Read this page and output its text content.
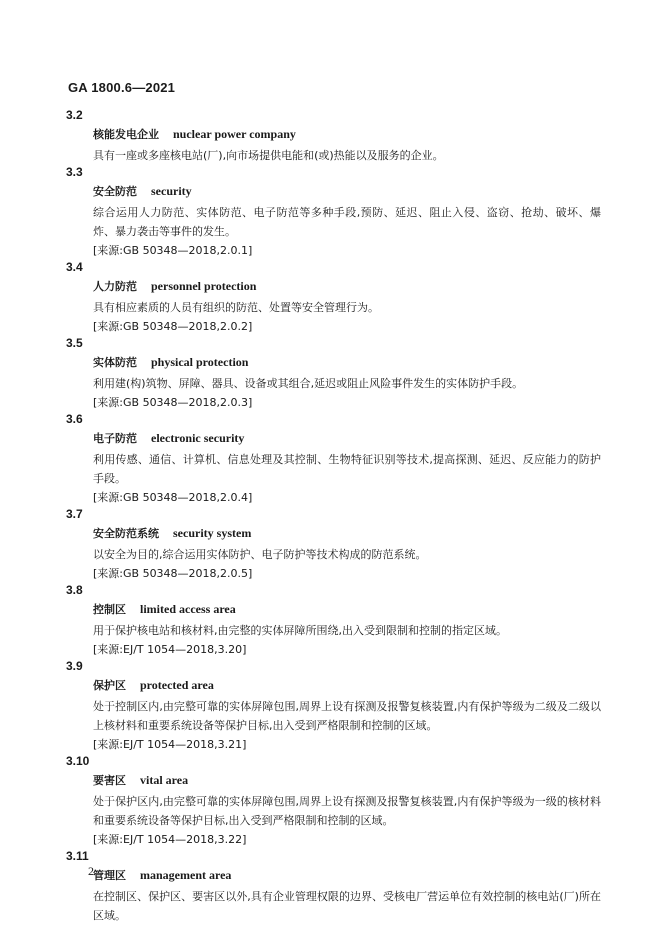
GA 1800.6—2021
3.2
核能发电企业 nuclear power company
具有一座或多座核电站(厂),向市场提供电能和(或)热能以及服务的企业。
3.3
安全防范 security
综合运用人力防范、实体防范、电子防范等多种手段,预防、延迟、阻止入侵、盗窃、抢劫、破坏、爆炸、暴力袭击等事件的发生。
[来源:GB 50348—2018,2.0.1]
3.4
人力防范 personnel protection
具有相应素质的人员有组织的防范、处置等安全管理行为。
[来源:GB 50348—2018,2.0.2]
3.5
实体防范 physical protection
利用建(构)筑物、屏障、器具、设备或其组合,延迟或阻止风险事件发生的实体防护手段。
[来源:GB 50348—2018,2.0.3]
3.6
电子防范 electronic security
利用传感、通信、计算机、信息处理及其控制、生物特征识别等技术,提高探测、延迟、反应能力的防护手段。
[来源:GB 50348—2018,2.0.4]
3.7
安全防范系统 security system
以安全为目的,综合运用实体防护、电子防护等技术构成的防范系统。
[来源:GB 50348—2018,2.0.5]
3.8
控制区 limited access area
用于保护核电站和核材料,由完整的实体屏障所围绕,出入受到限制和控制的指定区域。
[来源:EJ/T 1054—2018,3.20]
3.9
保护区 protected area
处于控制区内,由完整可靠的实体屏障包围,周界上设有探测及报警复核装置,内有保护等级为二级及二级以上核材料和重要系统设备等保护目标,出入受到严格限制和控制的区域。
[来源:EJ/T 1054—2018,3.21]
3.10
要害区 vital area
处于保护区内,由完整可靠的实体屏障包围,周界上设有探测及报警复核装置,内有保护等级为一级的核材料和重要系统设备等保护目标,出入受到严格限制和控制的区域。
[来源:EJ/T 1054—2018,3.22]
3.11
管理区 management area
在控制区、保护区、要害区以外,具有企业管理权限的边界、受核电厂营运单位有效控制的核电站(厂)所在区域。
2
